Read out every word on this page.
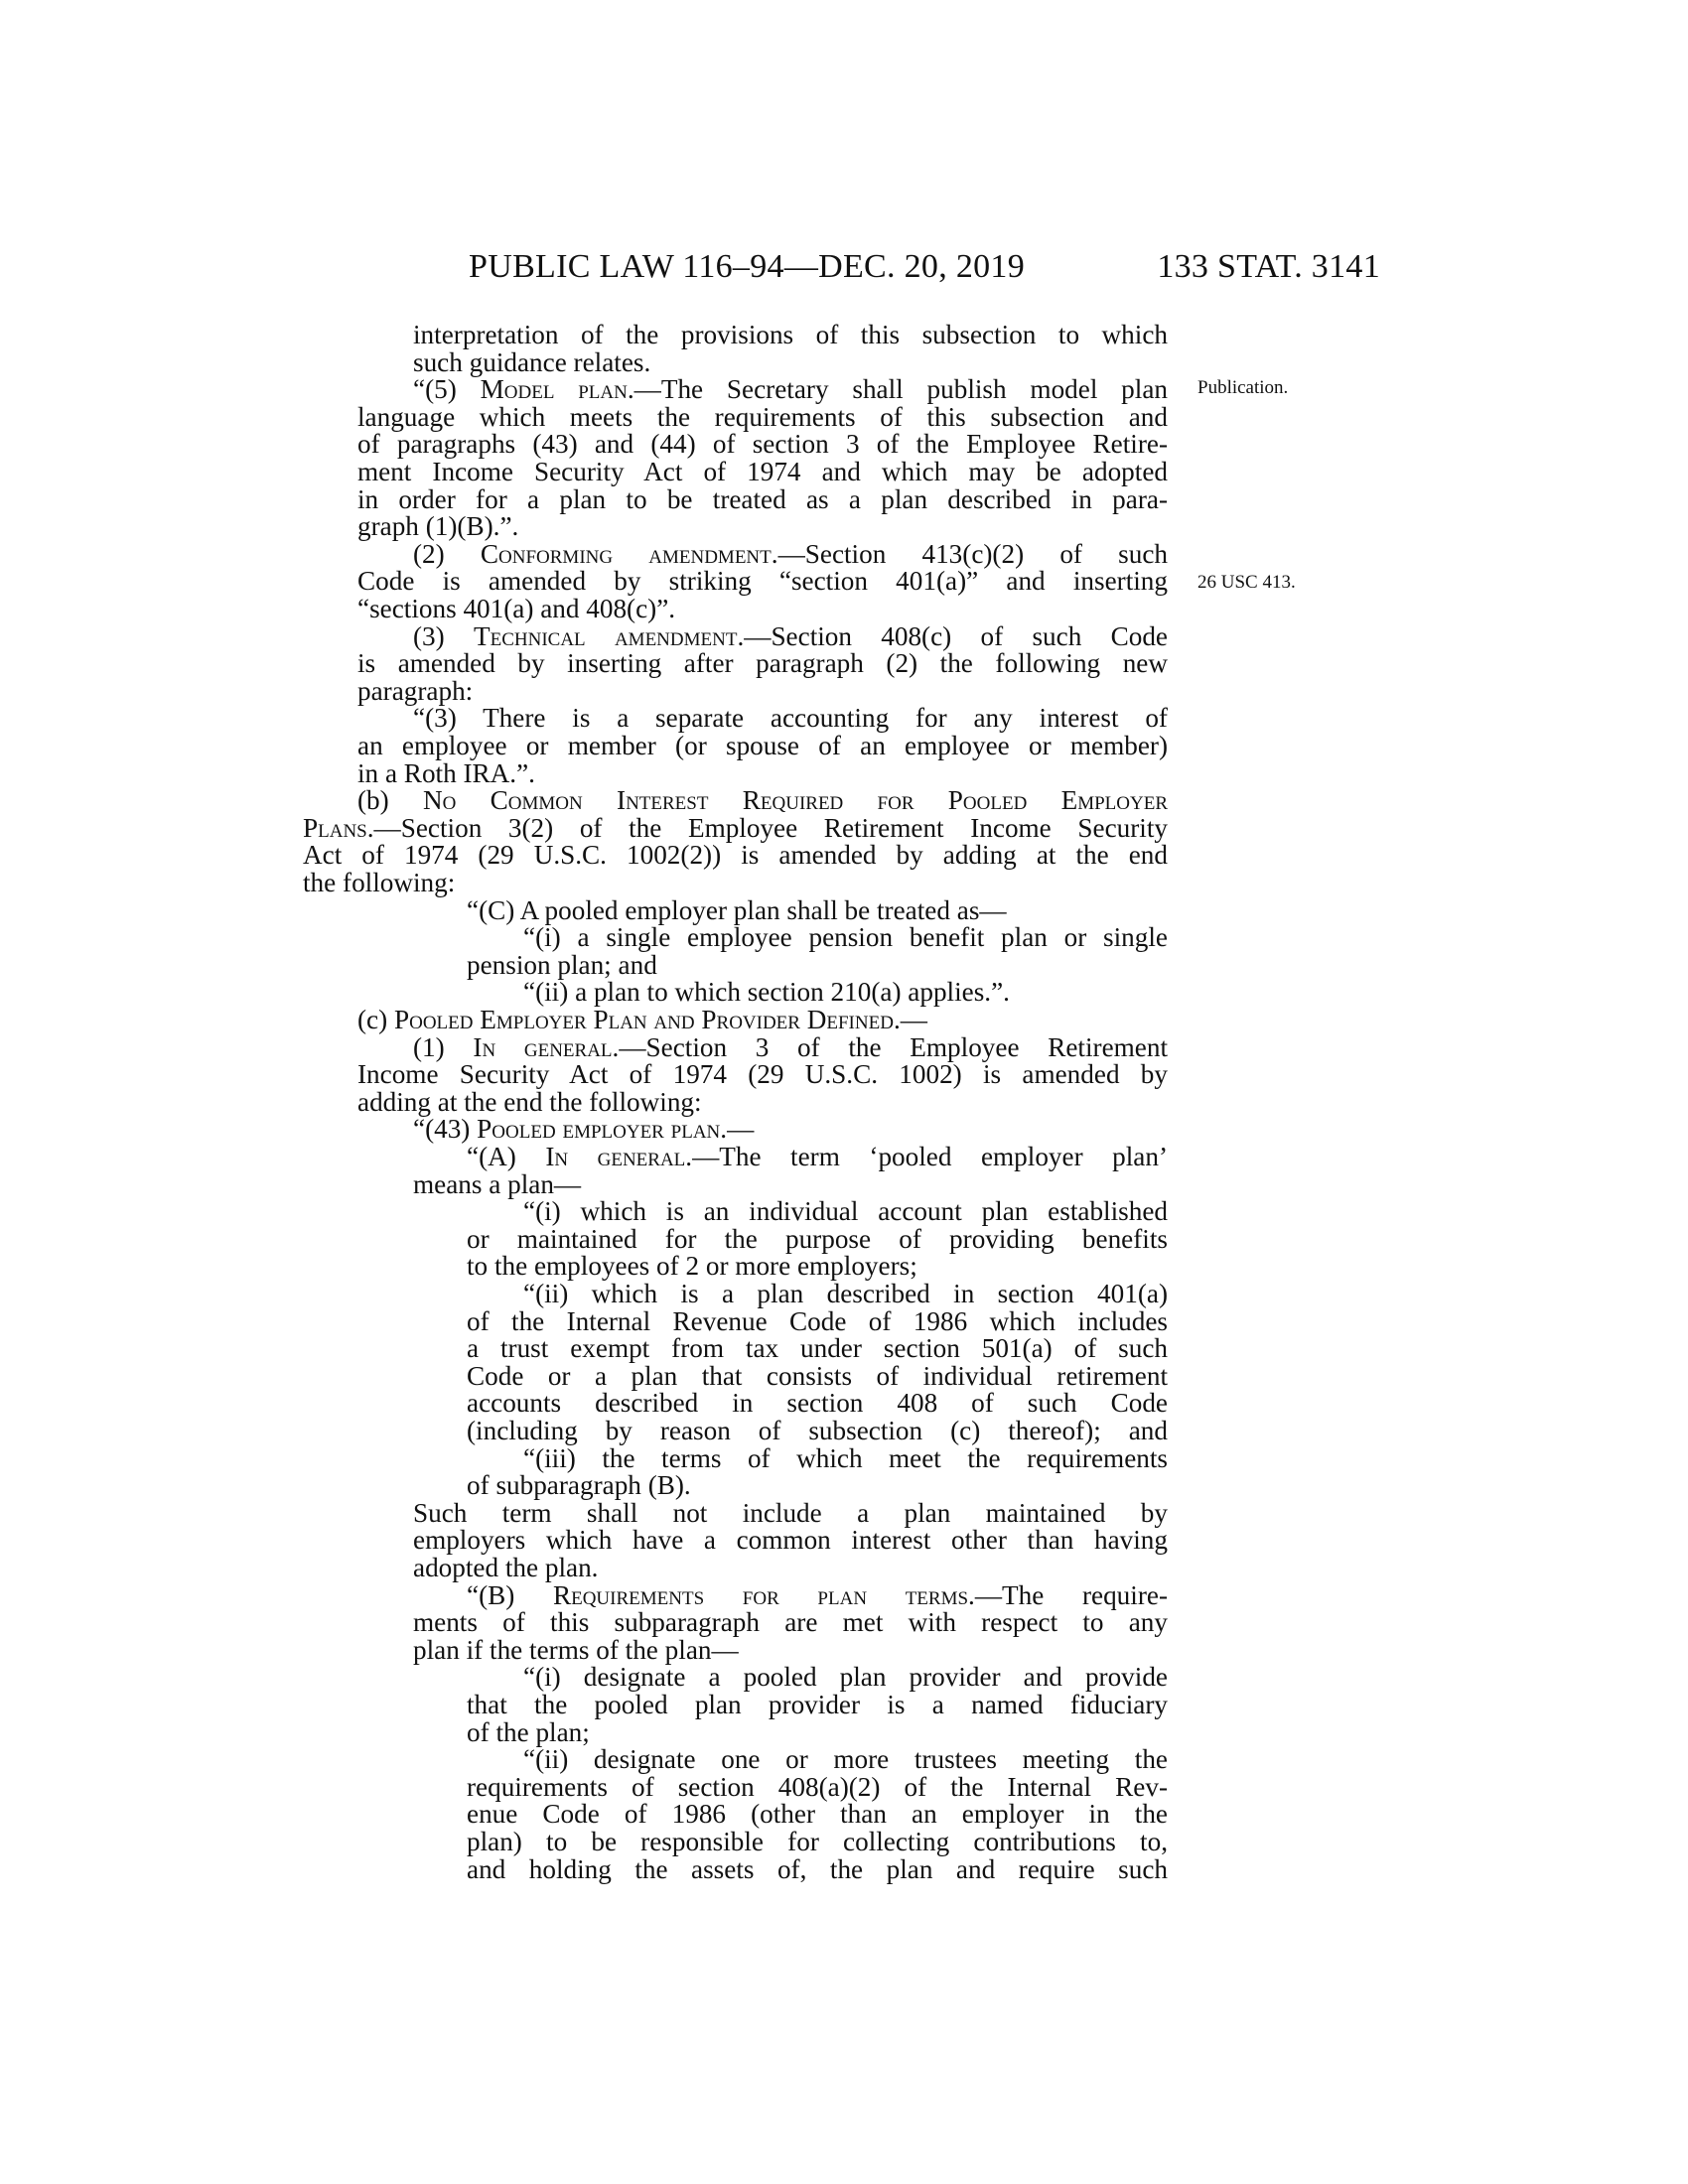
PUBLIC LAW 116–94—DEC. 20, 2019	133 STAT. 3141
Publication.
26 USC 413.
interpretation of the provisions of this subsection to which
such guidance relates.
“(5) Model plan.—The Secretary shall publish model plan
language which meets the requirements of this subsection and
of paragraphs (43) and (44) of section 3 of the Employee Retire-
ment Income Security Act of 1974 and which may be adopted
in order for a plan to be treated as a plan described in para-
graph (1)(B).”.
(2) Conforming amendment.—Section 413(c)(2) of such
Code is amended by striking “section 401(a)” and inserting
“sections 401(a) and 408(c)”.
(3) Technical amendment.—Section 408(c) of such Code
is amended by inserting after paragraph (2) the following new
paragraph:
“(3) There is a separate accounting for any interest of
an employee or member (or spouse of an employee or member)
in a Roth IRA.”.
(b) No Common Interest Required for Pooled Employer
Plans.—Section 3(2) of the Employee Retirement Income Security
Act of 1974 (29 U.S.C. 1002(2)) is amended by adding at the end
the following:
“(C) A pooled employer plan shall be treated as—
“(i) a single employee pension benefit plan or single
pension plan; and
“(ii) a plan to which section 210(a) applies.”.
(c) Pooled Employer Plan and Provider Defined.—
(1) In general.—Section 3 of the Employee Retirement
Income Security Act of 1974 (29 U.S.C. 1002) is amended by
adding at the end the following:
“(43) Pooled employer plan.—
“(A) In general.—The term ‘pooled employer plan’
means a plan—
“(i) which is an individual account plan established
or maintained for the purpose of providing benefits
to the employees of 2 or more employers;
“(ii) which is a plan described in section 401(a)
of the Internal Revenue Code of 1986 which includes
a trust exempt from tax under section 501(a) of such
Code or a plan that consists of individual retirement
accounts described in section 408 of such Code
(including by reason of subsection (c) thereof); and
“(iii) the terms of which meet the requirements
of subparagraph (B).
Such term shall not include a plan maintained by
employers which have a common interest other than having
adopted the plan.
“(B) Requirements for plan terms.—The require-
ments of this subparagraph are met with respect to any
plan if the terms of the plan—
“(i) designate a pooled plan provider and provide
that the pooled plan provider is a named fiduciary
of the plan;
“(ii) designate one or more trustees meeting the
requirements of section 408(a)(2) of the Internal Rev-
enue Code of 1986 (other than an employer in the
plan) to be responsible for collecting contributions to,
and holding the assets of, the plan and require such
